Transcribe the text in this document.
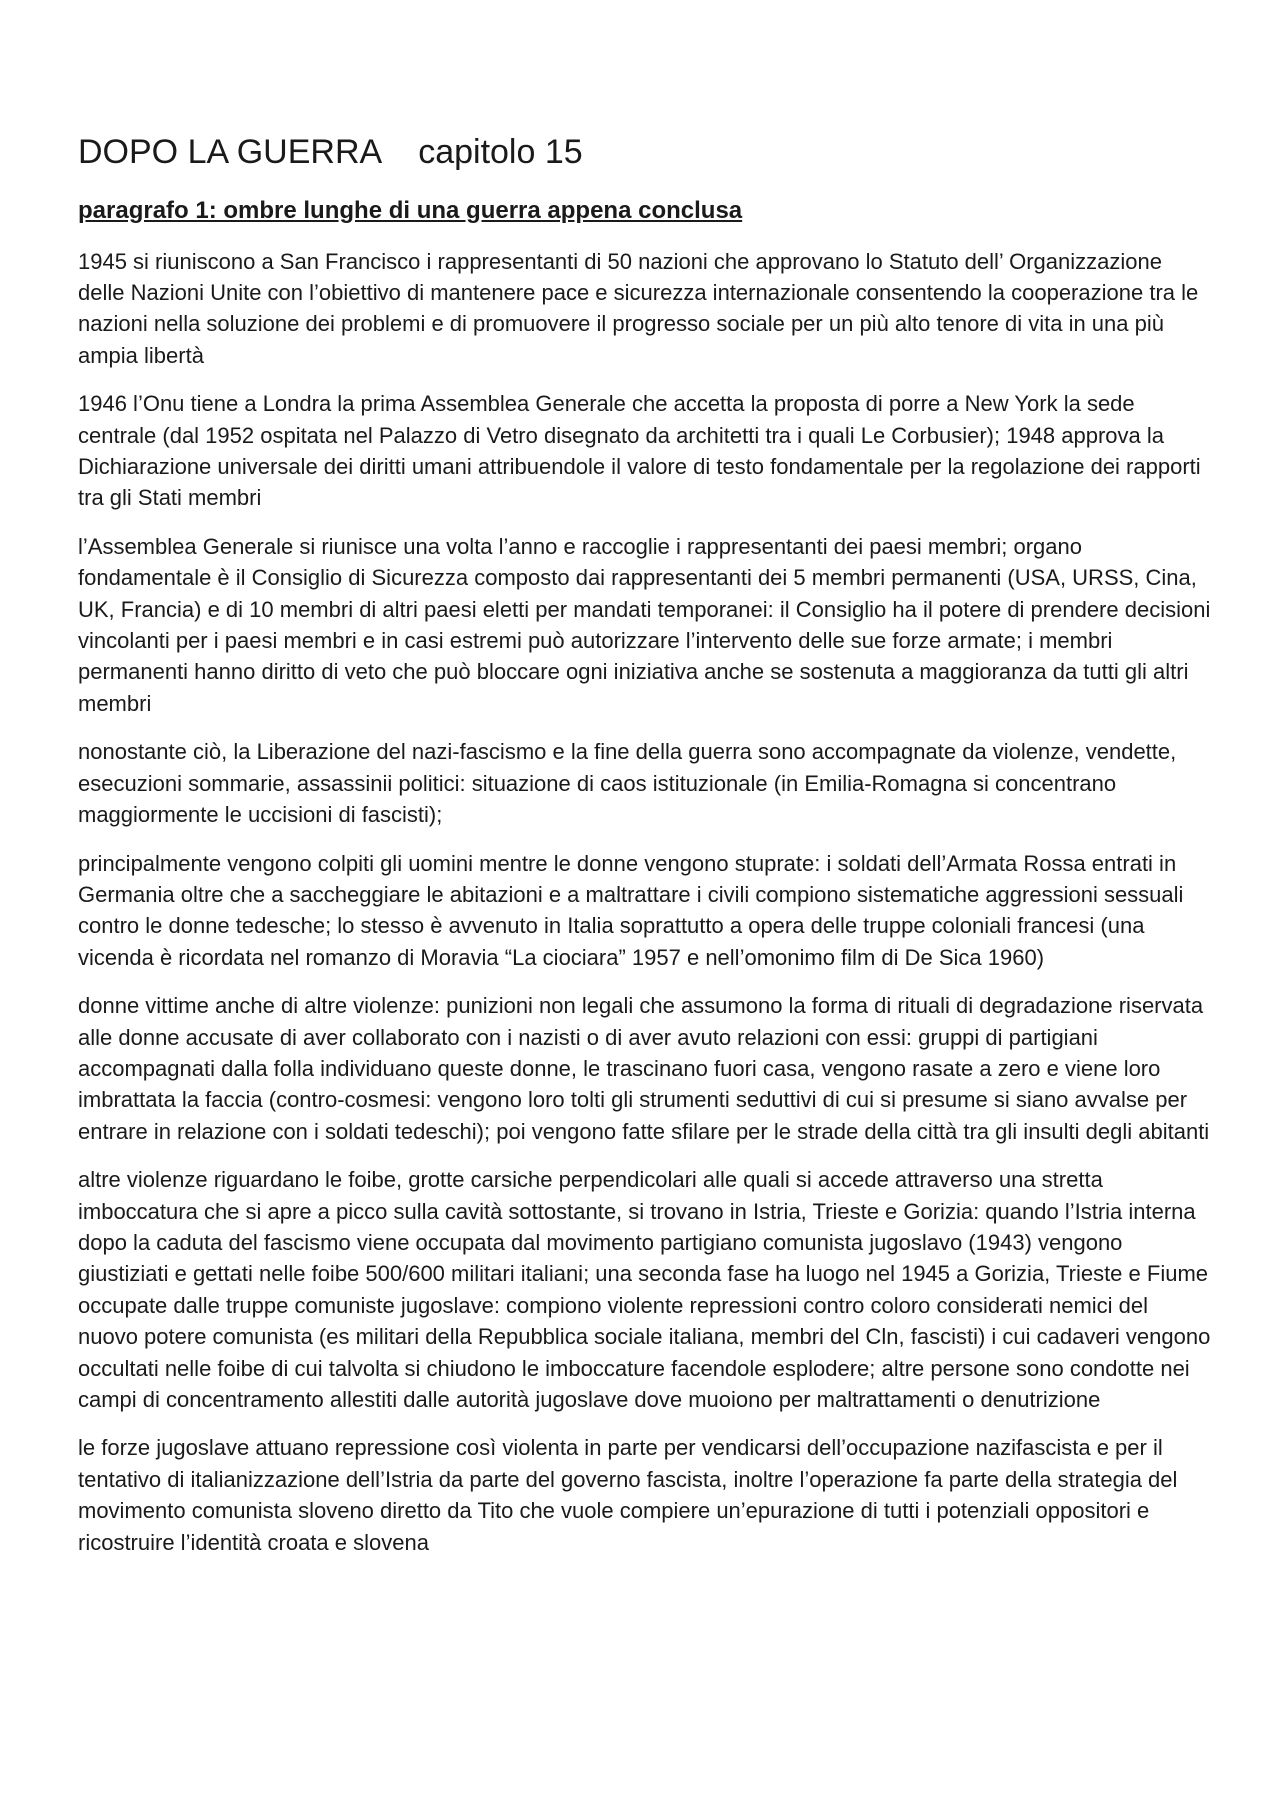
DOPO LA GUERRA capitolo 15
paragrafo 1: ombre lunghe di una guerra appena conclusa

1945 si riuniscono a San Francisco i rappresentanti di 50 nazioni che approvano lo Statuto dell’ Organizzazione delle Nazioni Unite con l’obiettivo di mantenere pace e sicurezza internazionale consentendo la cooperazione tra le nazioni nella soluzione dei problemi e di promuovere il progresso sociale per un più alto tenore di vita in una più ampia libertà

1946 l’Onu tiene a Londra la prima Assemblea Generale che accetta la proposta di porre a New York la sede centrale (dal 1952 ospitata nel Palazzo di Vetro disegnato da architetti tra i quali Le Corbusier); 1948 approva la Dichiarazione universale dei diritti umani attribuendole il valore di testo fondamentale per la regolazione dei rapporti tra gli Stati membri

l’Assemblea Generale si riunisce una volta l’anno e raccoglie i rappresentanti dei paesi membri; organo fondamentale è il Consiglio di Sicurezza composto dai rappresentanti dei 5 membri permanenti (USA, URSS, Cina, UK, Francia) e di 10 membri di altri paesi eletti per mandati temporanei: il Consiglio ha il potere di prendere decisioni vincolanti per i paesi membri e in casi estremi può autorizzare l’intervento delle sue forze armate; i membri permanenti hanno diritto di veto che può bloccare ogni iniziativa anche se sostenuta a maggioranza da tutti gli altri membri

nonostante ciò, la Liberazione del nazi-fascismo e la fine della guerra sono accompagnate da violenze, vendette, esecuzioni sommarie, assassinii politici: situazione di caos istituzionale (in Emilia-Romagna si concentrano maggiormente le uccisioni di fascisti);

principalmente vengono colpiti gli uomini mentre le donne vengono stuprate: i soldati dell’Armata Rossa entrati in Germania oltre che a saccheggiare le abitazioni e a maltrattare i civili compiono sistematiche aggressioni sessuali contro le donne tedesche; lo stesso è avvenuto in Italia soprattutto a opera delle truppe coloniali francesi (una vicenda è ricordata nel romanzo di Moravia “La ciociara” 1957 e nell’omonimo film di De Sica 1960)

donne vittime anche di altre violenze: punizioni non legali che assumono la forma di rituali di degradazione riservata alle donne accusate di aver collaborato con i nazisti o di aver avuto relazioni con essi: gruppi di partigiani accompagnati dalla folla individuano queste donne, le trascinano fuori casa, vengono rasate a zero e viene loro imbrattata la faccia (contro-cosmesi: vengono loro tolti gli strumenti seduttivi di cui si presume si siano avvalse per entrare in relazione con i soldati tedeschi); poi vengono fatte sfilare per le strade della città tra gli insulti degli abitanti

altre violenze riguardano le foibe, grotte carsiche perpendicolari alle quali si accede attraverso una stretta imboccatura che si apre a picco sulla cavità sottostante, si trovano in Istria, Trieste e Gorizia: quando l’Istria interna dopo la caduta del fascismo viene occupata dal movimento partigiano comunista jugoslavo (1943) vengono giustiziati e gettati nelle foibe 500/600 militari italiani; una seconda fase ha luogo nel 1945 a Gorizia, Trieste e Fiume occupate dalle truppe comuniste jugoslave: compiono violente repressioni contro coloro considerati nemici del nuovo potere comunista (es militari della Repubblica sociale italiana, membri del Cln, fascisti) i cui cadaveri vengono occultati nelle foibe di cui talvolta si chiudono le imboccature facendole esplodere; altre persone sono condotte nei campi di concentramento allestiti dalle autorità jugoslave dove muoiono per maltrattamenti o denutrizione

le forze jugoslave attuano repressione così violenta in parte per vendicarsi dell’occupazione nazifascista e per il tentativo di italianizzazione dell’Istria da parte del governo fascista, inoltre l’operazione fa parte della strategia del movimento comunista sloveno diretto da Tito che vuole compiere un’epurazione di tutti i potenziali oppositori e ricostruire l’identità croata e slovena
